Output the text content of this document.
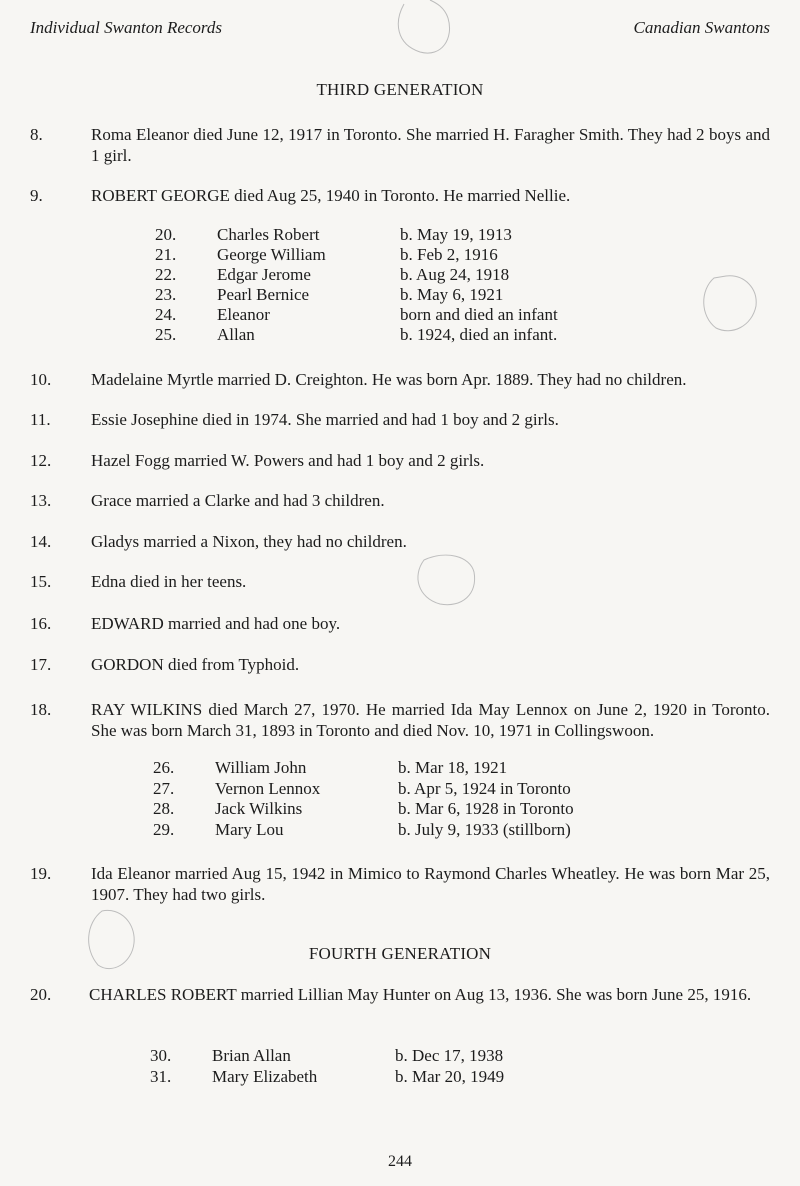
Individual Swanton Records	Canadian Swantons
THIRD GENERATION
8.	Roma Eleanor died June 12, 1917 in Toronto. She married H. Faragher Smith. They had 2 boys and 1 girl.
9.	ROBERT GEORGE died Aug 25, 1940 in Toronto. He married Nellie.
20. Charles Robert	b. May 19, 1913
21. George William	b. Feb 2, 1916
22. Edgar Jerome	b. Aug 24, 1918
23. Pearl Bernice	b. May 6, 1921
24. Eleanor	born and died an infant
25. Allan	b. 1924, died an infant.
10. Madelaine Myrtle married D. Creighton. He was born Apr. 1889. They had no children.
11. Essie Josephine died in 1974. She married and had 1 boy and 2 girls.
12. Hazel Fogg married W. Powers and had 1 boy and 2 girls.
13. Grace married a Clarke and had 3 children.
14. Gladys married a Nixon, they had no children.
15. Edna died in her teens.
16. EDWARD married and had one boy.
17. GORDON died from Typhoid.
18. RAY WILKINS died March 27, 1970. He married Ida May Lennox on June 2, 1920 in Toronto. She was born March 31, 1893 in Toronto and died Nov. 10, 1971 in Collingswoon.
26. William John	b. Mar 18, 1921
27. Vernon Lennox	b. Apr 5, 1924 in Toronto
28. Jack Wilkins	b. Mar 6, 1928 in Toronto
29. Mary Lou	b. July 9, 1933 (stillborn)
19. Ida Eleanor married Aug 15, 1942 in Mimico to Raymond Charles Wheatley. He was born Mar 25, 1907. They had two girls.
FOURTH GENERATION
20. CHARLES ROBERT married Lillian May Hunter on Aug 13, 1936. She was born June 25, 1916.
30. Brian Allan	b. Dec 17, 1938
31. Mary Elizabeth	b. Mar 20, 1949
244
